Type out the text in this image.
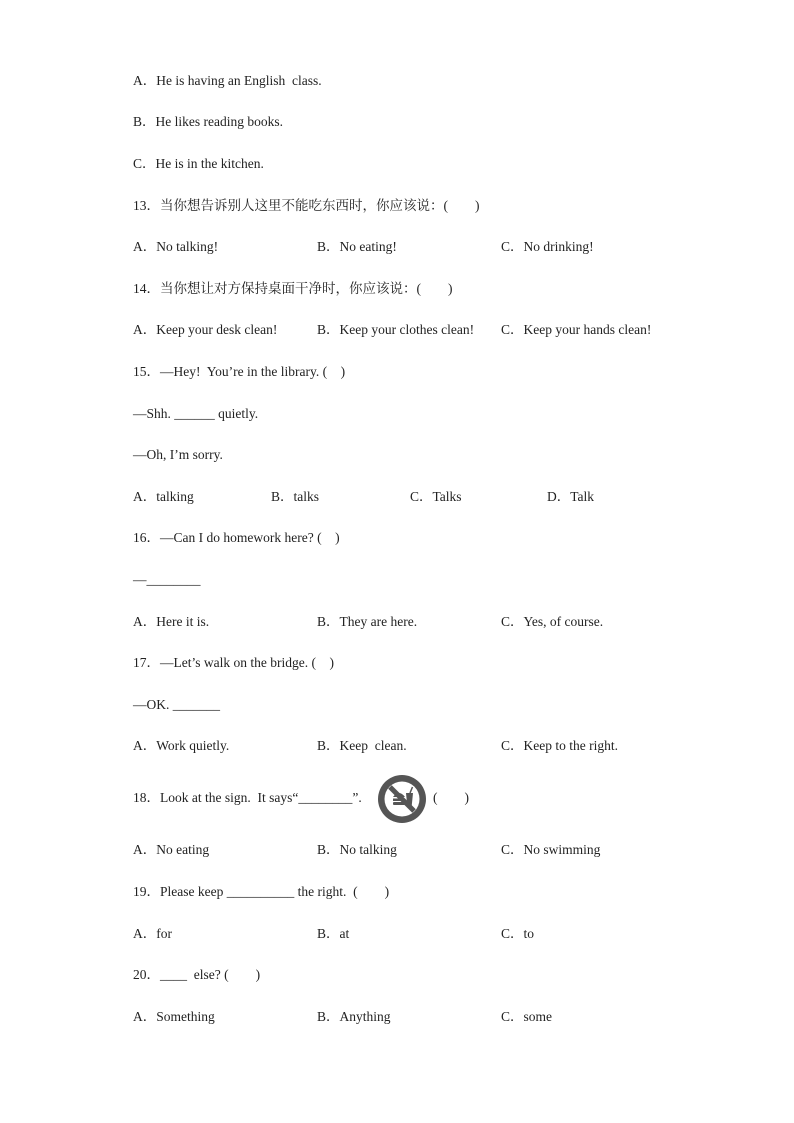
A．He is having an English  class.
B．He likes reading books.
C．He is in the kitchen.
13．当你想告诉别人这里不能吃东西时，你应该说：(　　)
A．No talking!	B．No eating!	C．No drinking!
14．当你想让对方保持桌面干净时，你应该说：(　　)
A．Keep your desk clean!	B．Keep your clothes clean! C．Keep your hands clean!
15．—Hey!  You’re in the library. (　)
—Shh. ______ quietly.
—Oh, I’m sorry.
A．talking	B．talks	C．Talks	D．Talk
16．—Can I do homework here? (　)
—________
A．Here it is.	B．They are here.	C．Yes, of course.
17．—Let’s walk on the bridge. (　)
—OK. _______
A．Work quietly.	B．Keep  clean.	C．Keep to the right.
18．Look at the sign.  It says“________”.	(　　)
A．No eating	B．No talking	C．No swimming
19．Please keep __________ the right.  (　　)
A．for	B．at	C．to
20．____  else? (　　)
A．Something	B．Anything	C．some
